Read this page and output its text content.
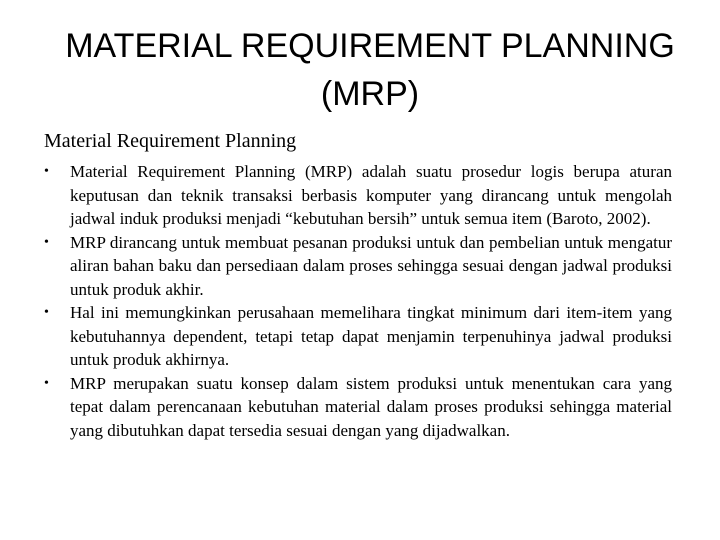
MATERIAL REQUIREMENT PLANNING
(MRP)
Material Requirement Planning
• Material Requirement Planning (MRP) adalah suatu prosedur logis berupa aturan keputusan dan teknik transaksi berbasis komputer yang dirancang untuk mengolah jadwal induk produksi menjadi “kebutuhan bersih” untuk semua item (Baroto, 2002).
• MRP dirancang untuk membuat pesanan produksi untuk dan pembelian untuk mengatur aliran bahan baku dan persediaan dalam proses sehingga sesuai dengan jadwal produksi untuk produk akhir.
• Hal ini memungkinkan perusahaan memelihara tingkat minimum dari item-item yang kebutuhannya dependent, tetapi tetap dapat menjamin terpenuhinya jadwal produksi untuk produk akhirnya.
• MRP merupakan suatu konsep dalam sistem produksi untuk menentukan cara yang tepat dalam perencanaan kebutuhan material dalam proses produksi sehingga material yang dibutuhkan dapat tersedia sesuai dengan yang dijadwalkan.
